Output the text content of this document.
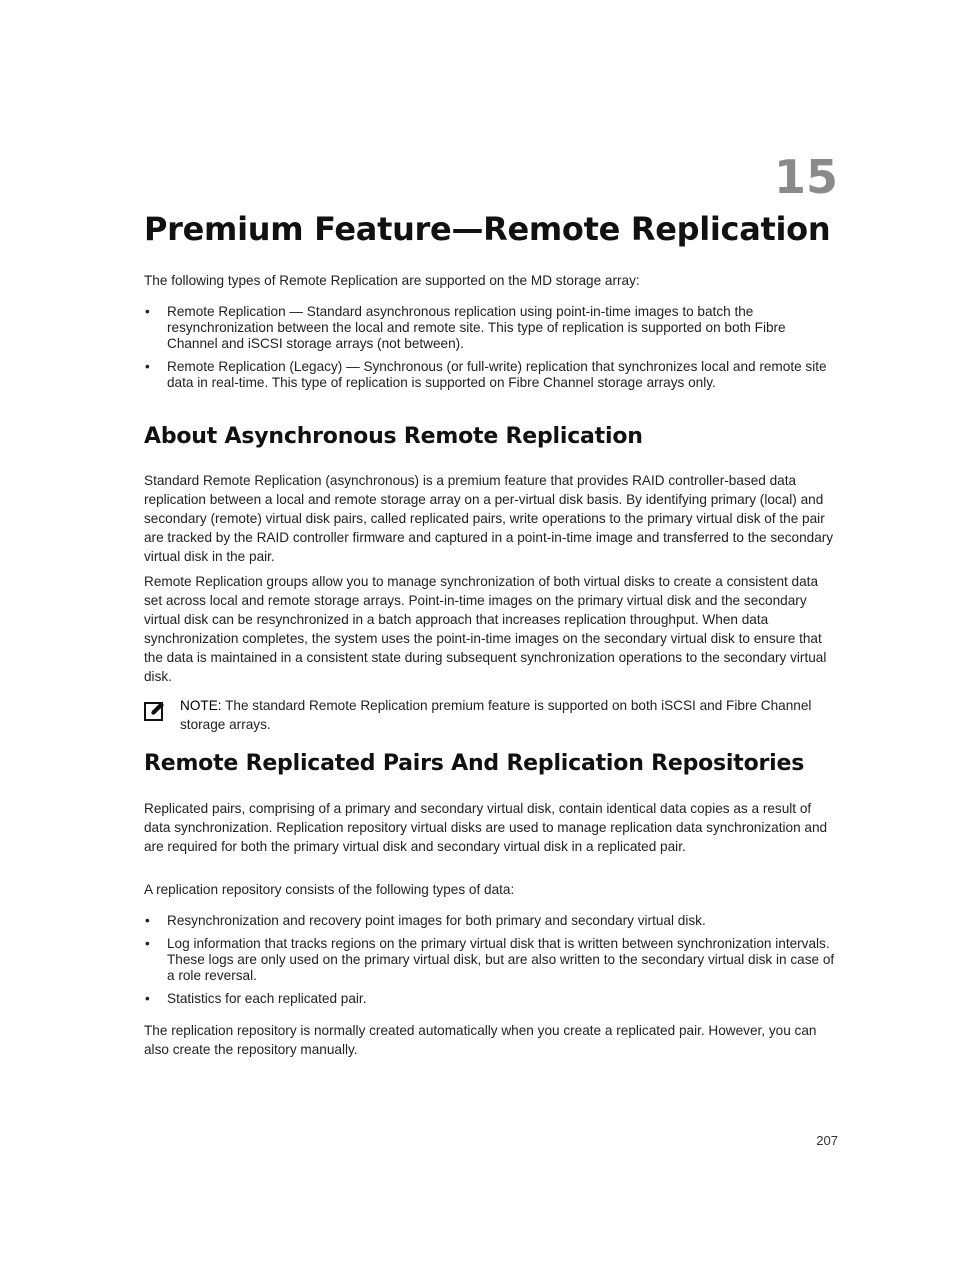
15
Premium Feature—Remote Replication

The following types of Remote Replication are supported on the MD storage array:

• Remote Replication — Standard asynchronous replication using point-in-time images to batch the resynchronization between the local and remote site. This type of replication is supported on both Fibre Channel and iSCSI storage arrays (not between).
• Remote Replication (Legacy) — Synchronous (or full-write) replication that synchronizes local and remote site data in real-time. This type of replication is supported on Fibre Channel storage arrays only.
About Asynchronous Remote Replication

Standard Remote Replication (asynchronous) is a premium feature that provides RAID controller-based data replication between a local and remote storage array on a per-virtual disk basis. By identifying primary (local) and secondary (remote) virtual disk pairs, called replicated pairs, write operations to the primary virtual disk of the pair are tracked by the RAID controller firmware and captured in a point-in-time image and transferred to the secondary virtual disk in the pair.

Remote Replication groups allow you to manage synchronization of both virtual disks to create a consistent data set across local and remote storage arrays. Point-in-time images on the primary virtual disk and the secondary virtual disk can be resynchronized in a batch approach that increases replication throughput. When data synchronization completes, the system uses the point-in-time images on the secondary virtual disk to ensure that the data is maintained in a consistent state during subsequent synchronization operations to the secondary virtual disk.

NOTE: The standard Remote Replication premium feature is supported on both iSCSI and Fibre Channel storage arrays.

Remote Replicated Pairs And Replication Repositories

Replicated pairs, comprising of a primary and secondary virtual disk, contain identical data copies as a result of data synchronization. Replication repository virtual disks are used to manage replication data synchronization and are required for both the primary virtual disk and secondary virtual disk in a replicated pair.

A replication repository consists of the following types of data:

• Resynchronization and recovery point images for both primary and secondary virtual disk.
• Log information that tracks regions on the primary virtual disk that is written between synchronization intervals. These logs are only used on the primary virtual disk, but are also written to the secondary virtual disk in case of a role reversal.
• Statistics for each replicated pair.

The replication repository is normally created automatically when you create a replicated pair. However, you can also create the repository manually.

207
